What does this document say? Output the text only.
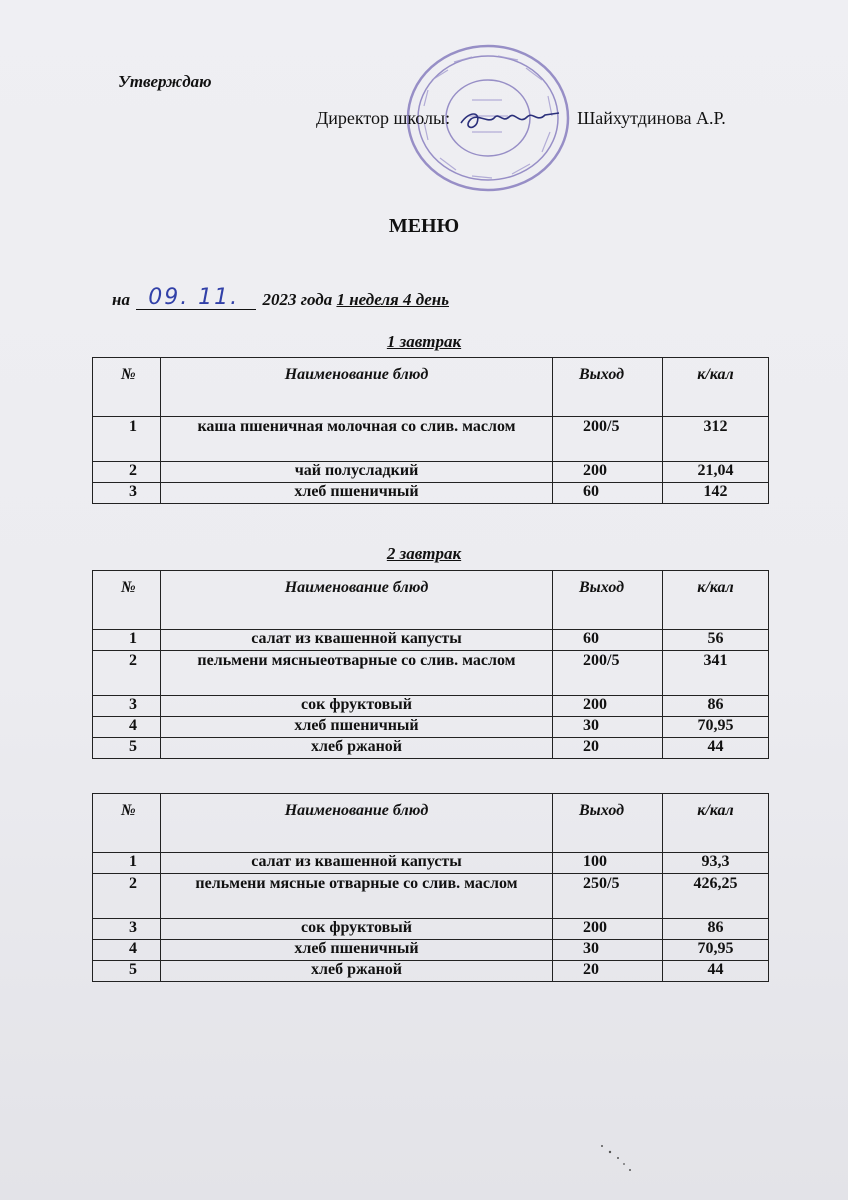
Утверждаю
Директор школы:	Шайхутдинова А.Р.
МЕНЮ
на 09. 11. 2023 года 1 неделя 4 день
1 завтрак
№	Наименование блюд	Выход	к/кал
1	каша пшеничная молочная со слив. маслом	200/5	312
2	чай полусладкий	200	21,04
3	хлеб пшеничный	60	142
2 завтрак
№	Наименование блюд	Выход	к/кал
1	салат из квашенной капусты	60	56
2	пельмени мясныеотварные со слив. маслом	200/5	341
3	сок фруктовый	200	86
4	хлеб пшеничный	30	70,95
5	хлеб ржаной	20	44
№	Наименование блюд	Выход	к/кал
1	салат из квашенной капусты	100	93,3
2	пельмени мясные отварные со слив. маслом	250/5	426,25
3	сок фруктовый	200	86
4	хлеб пшеничный	30	70,95
5	хлеб ржаной	20	44
